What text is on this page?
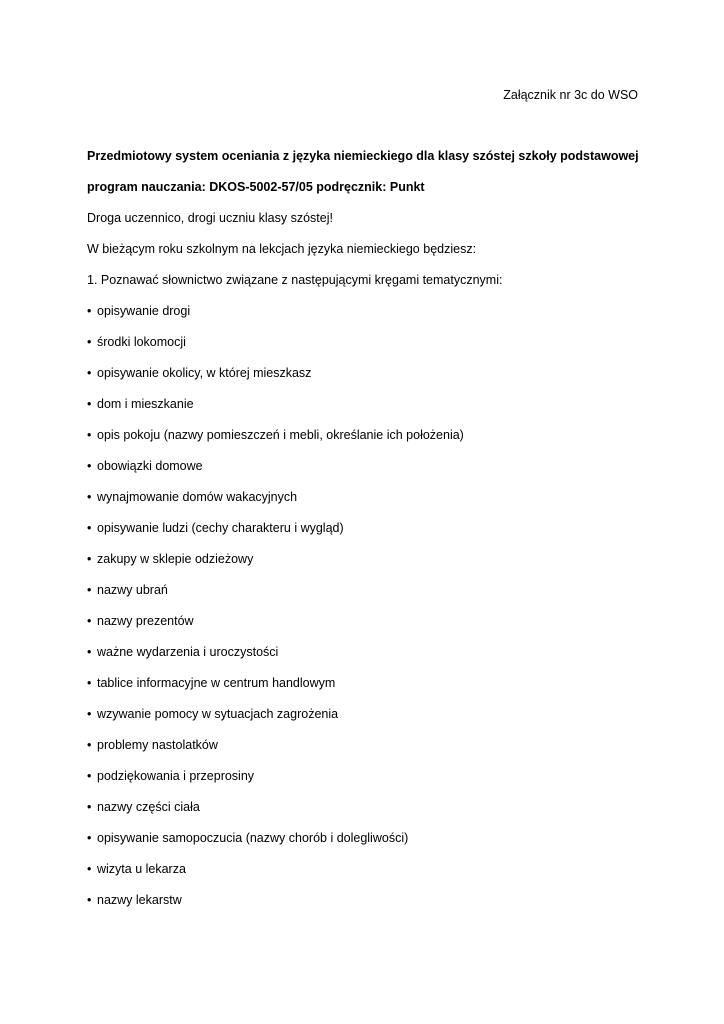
Załącznik nr 3c do WSO
Przedmiotowy system oceniania z języka niemieckiego dla klasy szóstej szkoły podstawowej
program nauczania: DKOS-5002-57/05 podręcznik: Punkt
Droga uczennico, drogi uczniu klasy szóstej!
W bieżącym roku szkolnym na lekcjach języka niemieckiego będziesz:
1. Poznawać słownictwo związane z następującymi kręgami tematycznymi:
• opisywanie drogi
• środki lokomocji
• opisywanie okolicy, w której mieszkasz
• dom i mieszkanie
• opis pokoju (nazwy pomieszczeń i mebli, określanie ich położenia)
• obowiązki domowe
• wynajmowanie domów wakacyjnych
• opisywanie ludzi (cechy charakteru i wygląd)
• zakupy w sklepie odzieżowy
• nazwy ubrań
• nazwy prezentów
• ważne wydarzenia i uroczystości
• tablice informacyjne w centrum handlowym
• wzywanie pomocy w sytuacjach zagrożenia
• problemy nastolatków
• podziękowania i przeprosiny
• nazwy części ciała
• opisywanie samopoczucia (nazwy chorób i dolegliwości)
• wizyta u lekarza
• nazwy lekarstw
